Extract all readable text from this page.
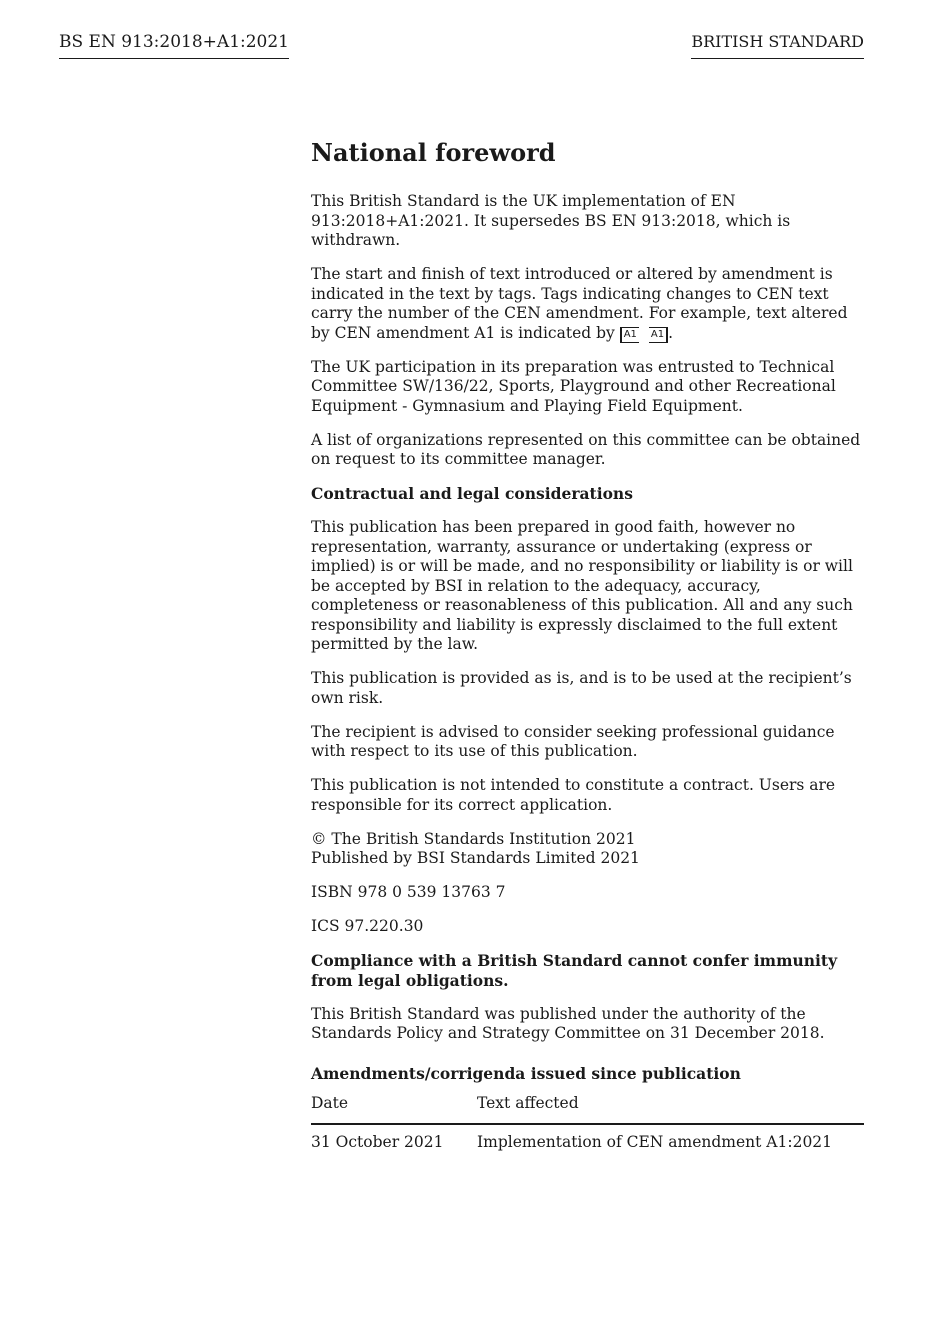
BS EN 913:2018+A1:2021	BRITISH STANDARD
National foreword

This British Standard is the UK implementation of EN 913:2018+A1:2021. It supersedes BS EN 913:2018, which is withdrawn.

The start and finish of text introduced or altered by amendment is indicated in the text by tags. Tags indicating changes to CEN text carry the number of the CEN amendment. For example, text altered by CEN amendment A1 is indicated by A1 A1 .

The UK participation in its preparation was entrusted to Technical Committee SW/136/22, Sports, Playground and other Recreational Equipment - Gymnasium and Playing Field Equipment.

A list of organizations represented on this committee can be obtained on request to its committee manager.

Contractual and legal considerations

This publication has been prepared in good faith, however no representation, warranty, assurance or undertaking (express or implied) is or will be made, and no responsibility or liability is or will be accepted by BSI in relation to the adequacy, accuracy, completeness or reasonableness of this publication. All and any such responsibility and liability is expressly disclaimed to the full extent permitted by the law.

This publication is provided as is, and is to be used at the recipient’s own risk.

The recipient is advised to consider seeking professional guidance with respect to its use of this publication.

This publication is not intended to constitute a contract. Users are responsible for its correct application.

© The British Standards Institution 2021
Published by BSI Standards Limited 2021

ISBN 978 0 539 13763 7

ICS 97.220.30

Compliance with a British Standard cannot confer immunity from legal obligations.

This British Standard was published under the authority of the Standards Policy and Strategy Committee on 31 December 2018.

Amendments/corrigenda issued since publication
Date	Text affected
31 October 2021	Implementation of CEN amendment A1:2021
